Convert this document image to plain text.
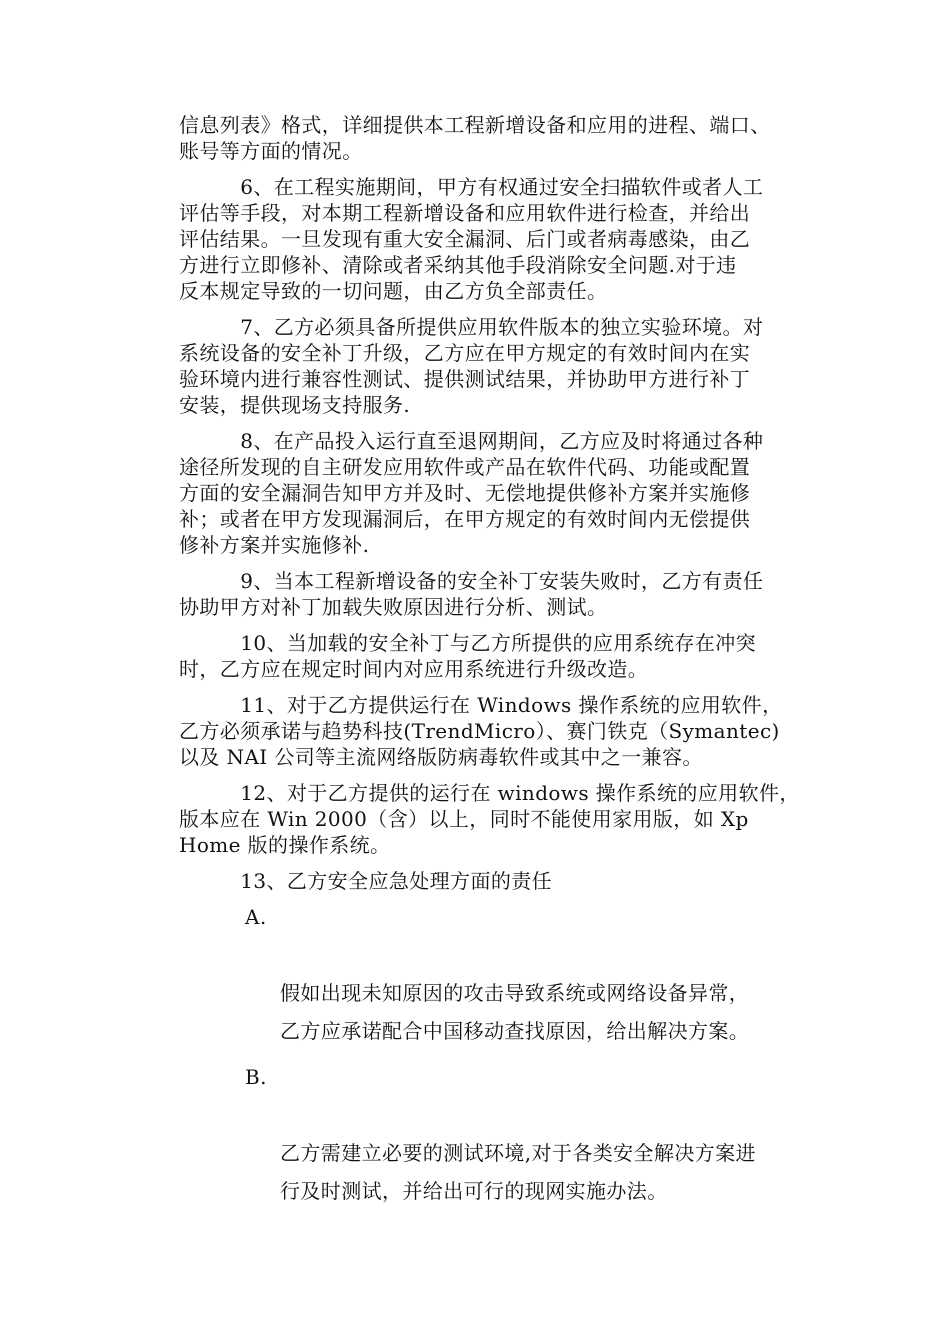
信息列表》格式，详细提供本工程新增设备和应用的进程、端口、
账号等方面的情况。

　　　6、在工程实施期间，甲方有权通过安全扫描软件或者人工
评估等手段，对本期工程新增设备和应用软件进行检查，并给出
评估结果。一旦发现有重大安全漏洞、后门或者病毒感染，由乙
方进行立即修补、清除或者采纳其他手段消除安全问题.对于违
反本规定导致的一切问题，由乙方负全部责任。

　　　7、乙方必须具备所提供应用软件版本的独立实验环境。对
系统设备的安全补丁升级，乙方应在甲方规定的有效时间内在实
验环境内进行兼容性测试、提供测试结果，并协助甲方进行补丁
安装，提供现场支持服务.

　　　8、在产品投入运行直至退网期间，乙方应及时将通过各种
途径所发现的自主研发应用软件或产品在软件代码、功能或配置
方面的安全漏洞告知甲方并及时、无偿地提供修补方案并实施修
补；或者在甲方发现漏洞后，在甲方规定的有效时间内无偿提供
修补方案并实施修补.

　　　9、当本工程新增设备的安全补丁安装失败时，乙方有责任
协助甲方对补丁加载失败原因进行分析、测试。

　　　10、当加载的安全补丁与乙方所提供的应用系统存在冲突
时，乙方应在规定时间内对应用系统进行升级改造。

　　　11、对于乙方提供运行在 Windows 操作系统的应用软件，
乙方必须承诺与趋势科技(TrendMicro）、赛门铁克（Symantec)
以及 NAI 公司等主流网络版防病毒软件或其中之一兼容。

　　　12、对于乙方提供的运行在 windows 操作系统的应用软件，
版本应在 Win 2000（含）以上，同时不能使用家用版，如 Xp
Home 版的操作系统。

　　　13、乙方安全应急处理方面的责任

A.

假如出现未知原因的攻击导致系统或网络设备异常，
乙方应承诺配合中国移动查找原因，给出解决方案。

B.

乙方需建立必要的测试环境,对于各类安全解决方案进
行及时测试，并给出可行的现网实施办法。
